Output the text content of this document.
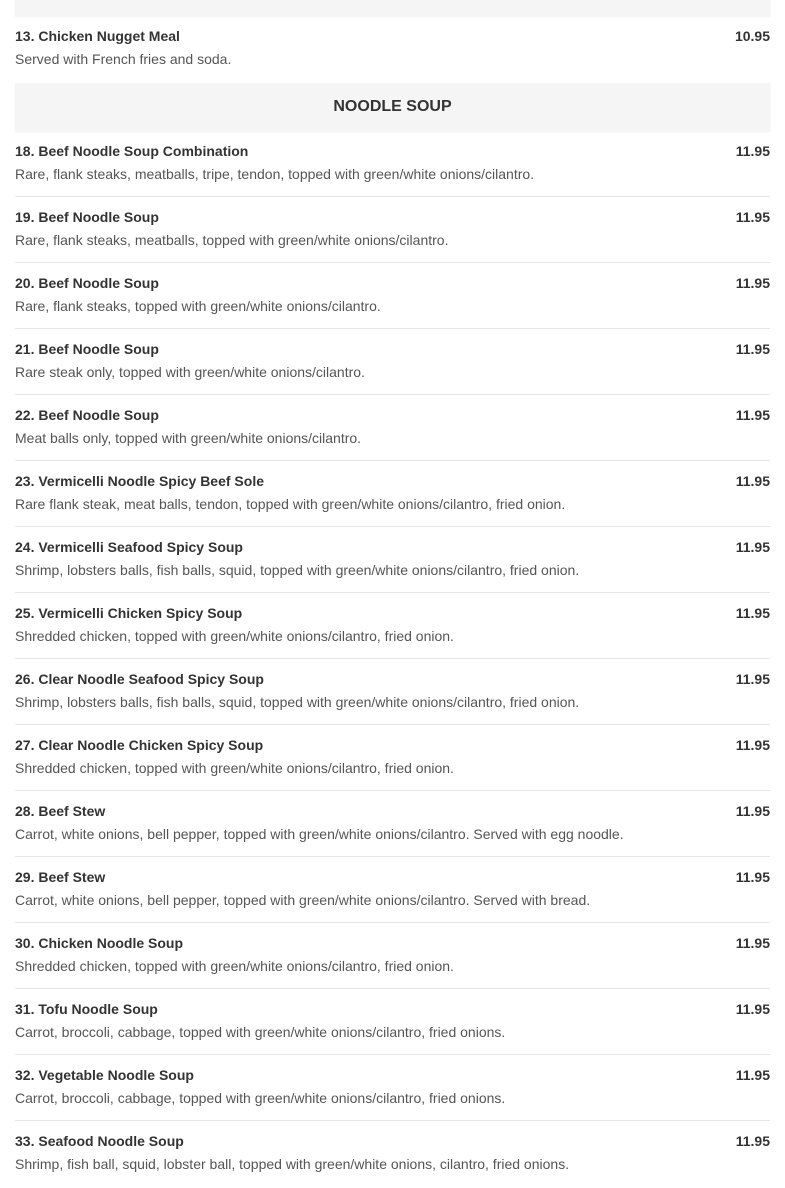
13. Chicken Nugget Meal	10.95
Served with French fries and soda.
NOODLE SOUP
18. Beef Noodle Soup Combination	11.95
Rare, flank steaks, meatballs, tripe, tendon, topped with green/white onions/cilantro.
19. Beef Noodle Soup	11.95
Rare, flank steaks, meatballs, topped with green/white onions/cilantro.
20. Beef Noodle Soup	11.95
Rare, flank steaks, topped with green/white onions/cilantro.
21. Beef Noodle Soup	11.95
Rare steak only, topped with green/white onions/cilantro.
22. Beef Noodle Soup	11.95
Meat balls only, topped with green/white onions/cilantro.
23. Vermicelli Noodle Spicy Beef Sole	11.95
Rare flank steak, meat balls, tendon, topped with green/white onions/cilantro, fried onion.
24. Vermicelli Seafood Spicy Soup	11.95
Shrimp, lobsters balls, fish balls, squid, topped with green/white onions/cilantro, fried onion.
25. Vermicelli Chicken Spicy Soup	11.95
Shredded chicken, topped with green/white onions/cilantro, fried onion.
26. Clear Noodle Seafood Spicy Soup	11.95
Shrimp, lobsters balls, fish balls, squid, topped with green/white onions/cilantro, fried onion.
27. Clear Noodle Chicken Spicy Soup	11.95
Shredded chicken, topped with green/white onions/cilantro, fried onion.
28. Beef Stew	11.95
Carrot, white onions, bell pepper, topped with green/white onions/cilantro. Served with egg noodle.
29. Beef Stew	11.95
Carrot, white onions, bell pepper, topped with green/white onions/cilantro. Served with bread.
30. Chicken Noodle Soup	11.95
Shredded chicken, topped with green/white onions/cilantro, fried onion.
31. Tofu Noodle Soup	11.95
Carrot, broccoli, cabbage, topped with green/white onions/cilantro, fried onions.
32. Vegetable Noodle Soup	11.95
Carrot, broccoli, cabbage, topped with green/white onions/cilantro, fried onions.
33. Seafood Noodle Soup	11.95
Shrimp, fish ball, squid, lobster ball, topped with green/white onions, cilantro, fried onions.
